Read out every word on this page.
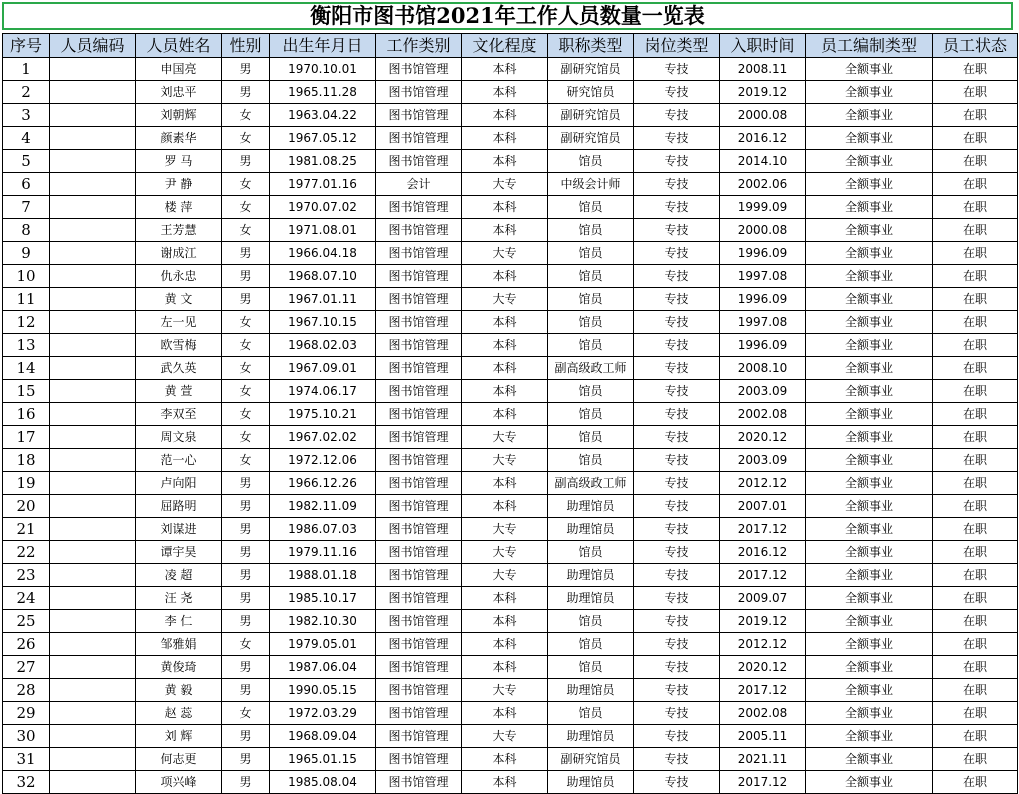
衡阳市图书馆2021年工作人员数量一览表
序号	人员编码	人员姓名	性别	出生年月日	工作类别	文化程度	职称类型	岗位类型	入职时间	员工编制类型	员工状态
1		申国亮	男	1970.10.01	图书馆管理	本科	副研究馆员	专技	2008.11	全额事业	在职
2		刘忠平	男	1965.11.28	图书馆管理	本科	研究馆员	专技	2019.12	全额事业	在职
3		刘朝辉	女	1963.04.22	图书馆管理	本科	副研究馆员	专技	2000.08	全额事业	在职
4		颜素华	女	1967.05.12	图书馆管理	本科	副研究馆员	专技	2016.12	全额事业	在职
5		罗 马	男	1981.08.25	图书馆管理	本科	馆员	专技	2014.10	全额事业	在职
6		尹 静	女	1977.01.16	会计	大专	中级会计师	专技	2002.06	全额事业	在职
7		楼 萍	女	1970.07.02	图书馆管理	本科	馆员	专技	1999.09	全额事业	在职
8		王芳慧	女	1971.08.01	图书馆管理	本科	馆员	专技	2000.08	全额事业	在职
9		谢成江	男	1966.04.18	图书馆管理	大专	馆员	专技	1996.09	全额事业	在职
10		仇永忠	男	1968.07.10	图书馆管理	本科	馆员	专技	1997.08	全额事业	在职
11		黄 文	男	1967.01.11	图书馆管理	大专	馆员	专技	1996.09	全额事业	在职
12		左一见	女	1967.10.15	图书馆管理	本科	馆员	专技	1997.08	全额事业	在职
13		欧雪梅	女	1968.02.03	图书馆管理	本科	馆员	专技	1996.09	全额事业	在职
14		武久英	女	1967.09.01	图书馆管理	本科	副高级政工师	专技	2008.10	全额事业	在职
15		黄 萱	女	1974.06.17	图书馆管理	本科	馆员	专技	2003.09	全额事业	在职
16		李双至	女	1975.10.21	图书馆管理	本科	馆员	专技	2002.08	全额事业	在职
17		周文泉	女	1967.02.02	图书馆管理	大专	馆员	专技	2020.12	全额事业	在职
18		范一心	女	1972.12.06	图书馆管理	大专	馆员	专技	2003.09	全额事业	在职
19		卢向阳	男	1966.12.26	图书馆管理	本科	副高级政工师	专技	2012.12	全额事业	在职
20		屈路明	男	1982.11.09	图书馆管理	本科	助理馆员	专技	2007.01	全额事业	在职
21		刘谋进	男	1986.07.03	图书馆管理	大专	助理馆员	专技	2017.12	全额事业	在职
22		谭宇昊	男	1979.11.16	图书馆管理	大专	馆员	专技	2016.12	全额事业	在职
23		凌 超	男	1988.01.18	图书馆管理	大专	助理馆员	专技	2017.12	全额事业	在职
24		汪 尧	男	1985.10.17	图书馆管理	本科	助理馆员	专技	2009.07	全额事业	在职
25		李 仁	男	1982.10.30	图书馆管理	本科	馆员	专技	2019.12	全额事业	在职
26		邹雅娟	女	1979.05.01	图书馆管理	本科	馆员	专技	2012.12	全额事业	在职
27		黄俊琦	男	1987.06.04	图书馆管理	本科	馆员	专技	2020.12	全额事业	在职
28		黄 毅	男	1990.05.15	图书馆管理	大专	助理馆员	专技	2017.12	全额事业	在职
29		赵 蕊	女	1972.03.29	图书馆管理	本科	馆员	专技	2002.08	全额事业	在职
30		刘 辉	男	1968.09.04	图书馆管理	大专	助理馆员	专技	2005.11	全额事业	在职
31		何志更	男	1965.01.15	图书馆管理	本科	副研究馆员	专技	2021.11	全额事业	在职
32		项兴峰	男	1985.08.04	图书馆管理	本科	助理馆员	专技	2017.12	全额事业	在职
